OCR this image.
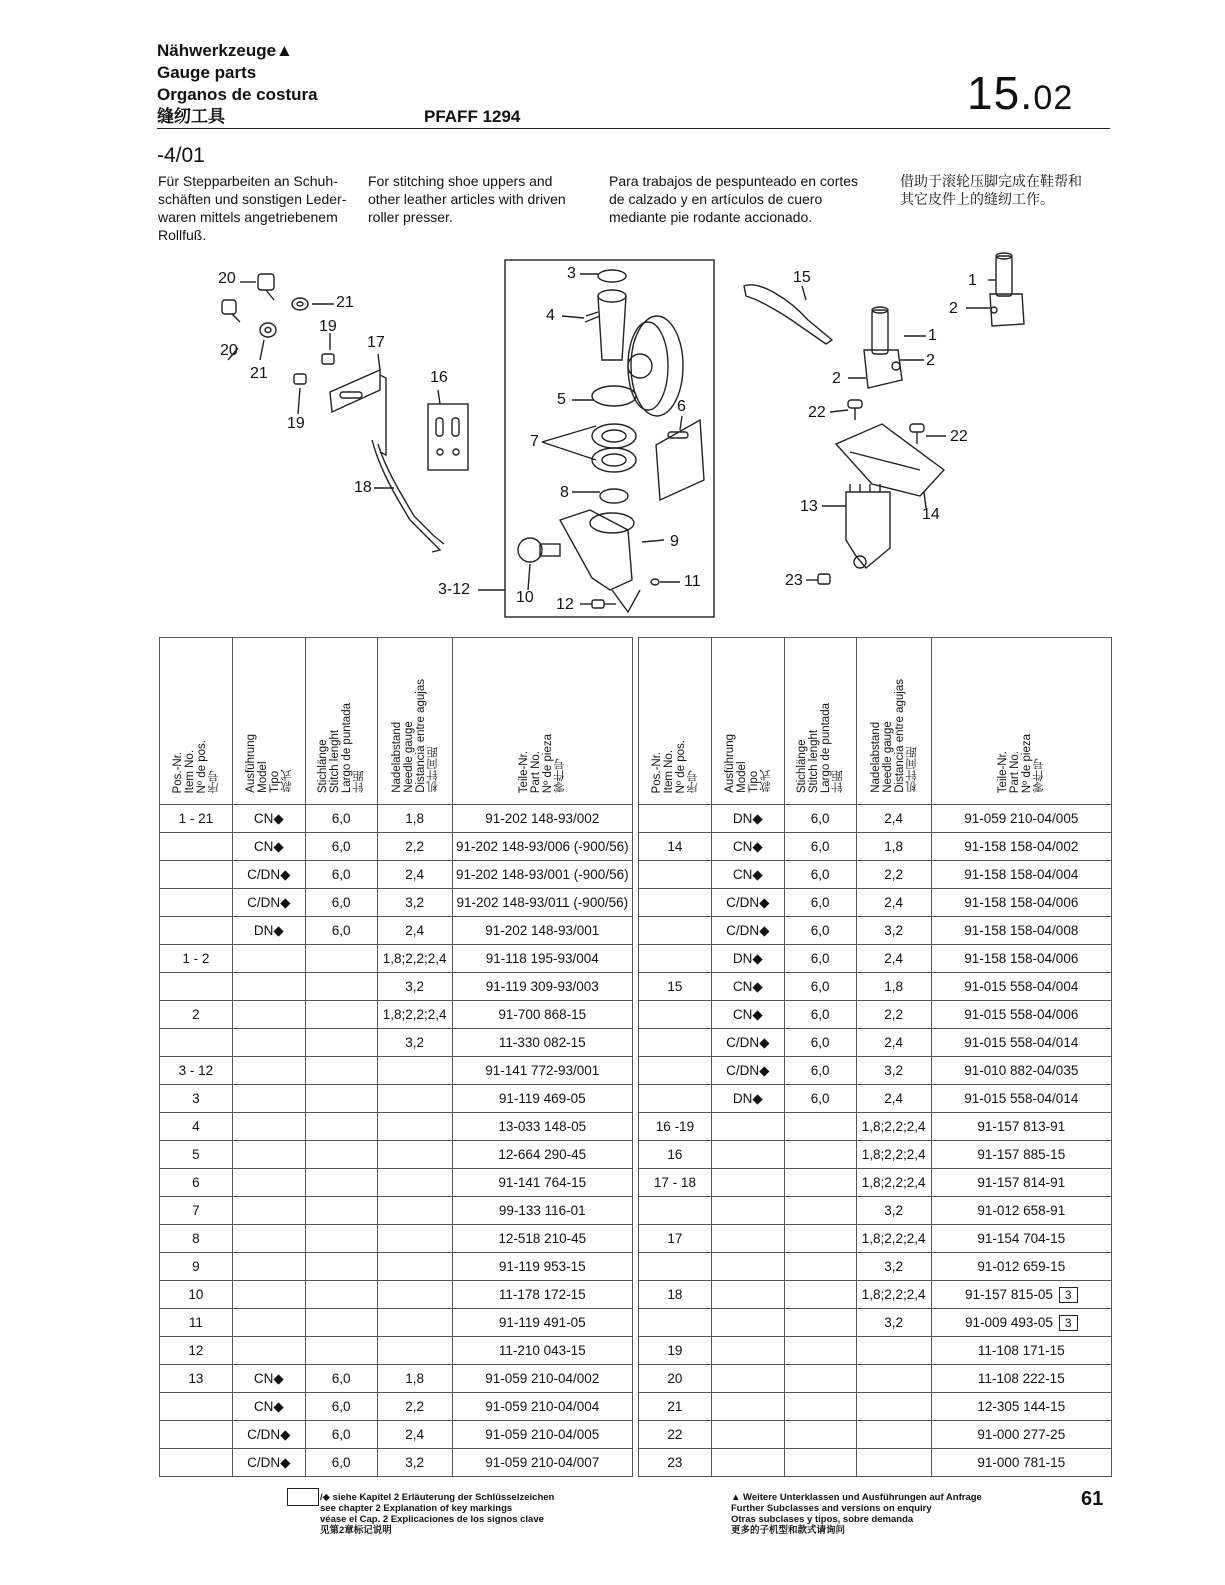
Nähwerkzeuge▲
Gauge parts
Organos de costura
缝纫工具	PFAFF 1294	15.02
-4/01
Für Stepparbeiten an Schuh-
schäften und sonstigen Leder-
waren mittels angetriebenem
Rollfuß.
For stitching shoe uppers and
other leather articles with driven
roller presser.
Para trabajos de pespunteado en cortes
de calzado y en artículos de cuero
mediante pie rodante accionado.
借助于滚轮压脚完成在鞋帮和
其它皮件上的缝纫工作。
20
21
19
20
21
19
17
16
18
3
4
5	6
7
8
9
10
11
12
3-12
15	1
2
1
2
2
22
22
13	14
23
Pos.-Nr.
Item No.
Nº de pos.
序号	Ausführung
Model
Tipo
款式	Stichlänge
Stitch lenght
Largo de puntada
针距	Nadelabstand
Needle gauge
Distancia entre agujas
机针间距	Teile-Nr.
Part No.
Nº de pieza
零件号
1 - 21	CN◆	6,0	1,8	91-202 148-93/002
	CN◆	6,0	2,2	91-202 148-93/006 (-900/56)
	C/DN◆	6,0	2,4	91-202 148-93/001 (-900/56)
	C/DN◆	6,0	3,2	91-202 148-93/011 (-900/56)
	DN◆	6,0	2,4	91-202 148-93/001
1 - 2			1,8;2,2;2,4	91-118 195-93/004
			3,2	91-119 309-93/003
2			1,8;2,2;2,4	91-700 868-15
			3,2	11-330 082-15
3 - 12				91-141 772-93/001
3				91-119 469-05
4				13-033 148-05
5				12-664 290-45
6				91-141 764-15
7				99-133 116-01
8				12-518 210-45
9				91-119 953-15
10				11-178 172-15
11				91-119 491-05
12				11-210 043-15
13	CN◆	6,0	1,8	91-059 210-04/002
	CN◆	6,0	2,2	91-059 210-04/004
	C/DN◆	6,0	2,4	91-059 210-04/005
	C/DN◆	6,0	3,2	91-059 210-04/007
Pos.-Nr.
Item No.
Nº de pos.
序号	Ausführung
Model
Tipo
款式	Stichlänge
Stitch lenght
Largo de puntada
针距	Nadelabstand
Needle gauge
Distancia entre agujas
机针间距	Teile-Nr.
Part No.
Nº de pieza
零件号
	DN◆	6,0	2,4	91-059 210-04/005
14	CN◆	6,0	1,8	91-158 158-04/002
	CN◆	6,0	2,2	91-158 158-04/004
	C/DN◆	6,0	2,4	91-158 158-04/006
	C/DN◆	6,0	3,2	91-158 158-04/008
	DN◆	6,0	2,4	91-158 158-04/006
15	CN◆	6,0	1,8	91-015 558-04/004
	CN◆	6,0	2,2	91-015 558-04/006
	C/DN◆	6,0	2,4	91-015 558-04/014
	C/DN◆	6,0	3,2	91-010 882-04/035
	DN◆	6,0	2,4	91-015 558-04/014
16 -19			1,8;2,2;2,4	91-157 813-91
16			1,8;2,2;2,4	91-157 885-15
17 - 18			1,8;2,2;2,4	91-157 814-91
			3,2	91-012 658-91
17			1,8;2,2;2,4	91-154 704-15
			3,2	91-012 659-15
18			1,8;2,2;2,4	91-157 815-05 3
			3,2	91-009 493-05 3
19				11-108 171-15
20				11-108 222-15
21				12-305 144-15
22				91-000 277-25
23				91-000 781-15
/◆ siehe Kapitel 2 Erläuterung der Schlüsselzeichen
see chapter 2 Explanation of key markings
véase el Cap. 2 Explicaciones de los signos clave
见第2章标记说明
▲ Weitere Unterklassen und Ausführungen auf Anfrage
Further Subclasses and versions on enquiry
Otras subclases y tipos, sobre demanda
更多的子机型和款式请询问
61
